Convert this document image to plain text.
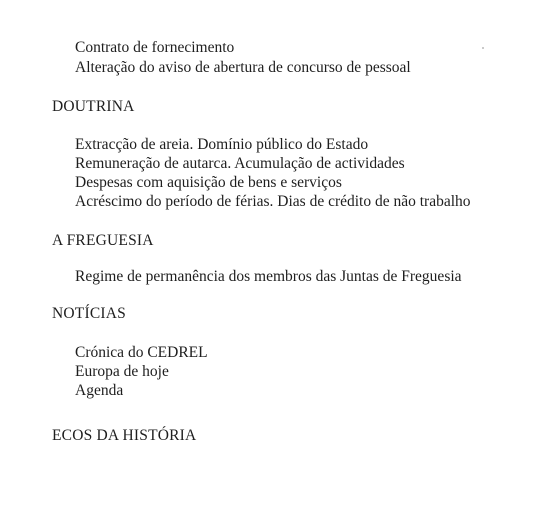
Contrato de fornecimento
Alteração do aviso de abertura de concurso de pessoal
DOUTRINA
Extracção de areia. Domínio público do Estado
Remuneração de autarca. Acumulação de actividades
Despesas com aquisição de bens e serviços
Acréscimo do período de férias. Dias de crédito de não trabalho
A FREGUESIA
Regime de permanência dos membros das Juntas de Freguesia
NOTÍCIAS
Crónica do CEDREL
Europa de hoje
Agenda
ECOS DA HISTÓRIA
